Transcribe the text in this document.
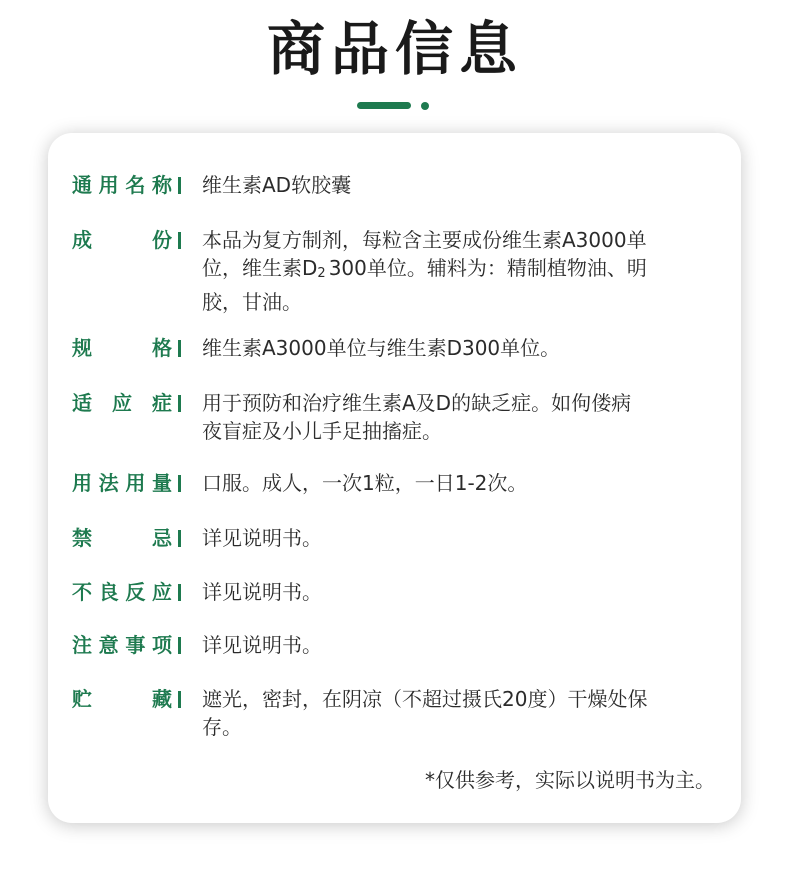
商品信息
通用名称 维生素AD软胶囊
成份 本品为复方制剂，每粒含主要成份维生素A3000单
位，维生素$D_2$ 300单位。辅料为：精制植物油、明
胶，甘油。
规格 维生素A3000单位与维生素D300单位。
适应症 用于预防和治疗维生素A及D的缺乏症。如佝偻病
夜盲症及小儿手足抽搐症。
用法用量 口服。成人，一次1粒，一日1-2次。
禁忌 详见说明书。
不良反应 详见说明书。
注意事项 详见说明书。
贮藏 遮光，密封，在阴凉（不超过摄氏20度）干燥处保
存。
*仅供参考，实际以说明书为主。
